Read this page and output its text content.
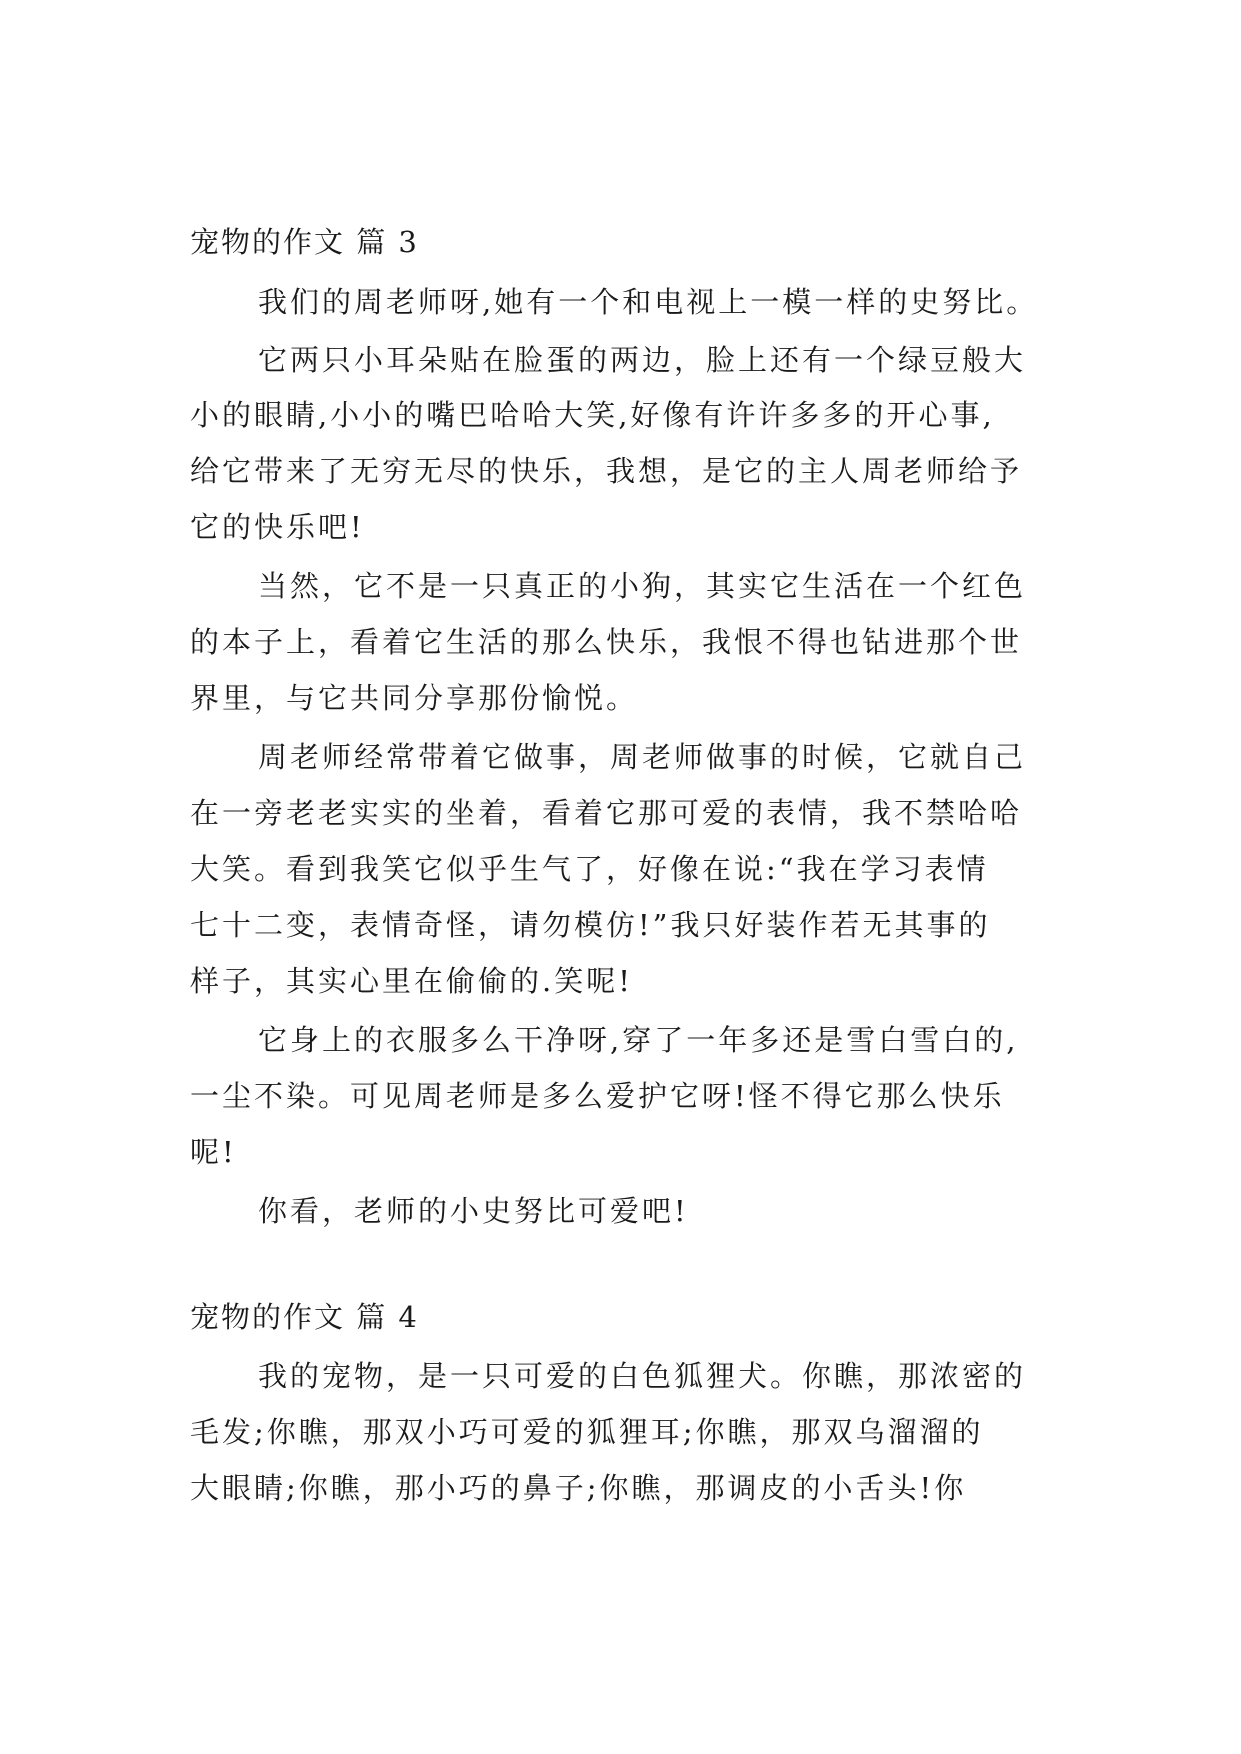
宠物的作文 篇 3
我们的周老师呀,她有一个和电视上一模一样的史努比。
它两只小耳朵贴在脸蛋的两边，脸上还有一个绿豆般大
小的眼睛,小小的嘴巴哈哈大笑,好像有许许多多的开心事,
给它带来了无穷无尽的快乐，我想，是它的主人周老师给予
它的快乐吧!
当然，它不是一只真正的小狗，其实它生活在一个红色
的本子上，看着它生活的那么快乐，我恨不得也钻进那个世
界里，与它共同分享那份愉悦。
周老师经常带着它做事，周老师做事的时候，它就自己
在一旁老老实实的坐着，看着它那可爱的表情，我不禁哈哈
大笑。看到我笑它似乎生气了，好像在说:“我在学习表情
七十二变，表情奇怪，请勿模仿!”我只好装作若无其事的
样子，其实心里在偷偷的.笑呢!
它身上的衣服多么干净呀,穿了一年多还是雪白雪白的,
一尘不染。可见周老师是多么爱护它呀!怪不得它那么快乐
呢!
你看，老师的小史努比可爱吧!
宠物的作文 篇 4
我的宠物，是一只可爱的白色狐狸犬。你瞧，那浓密的
毛发;你瞧，那双小巧可爱的狐狸耳;你瞧，那双乌溜溜的
大眼睛;你瞧，那小巧的鼻子;你瞧，那调皮的小舌头!你
